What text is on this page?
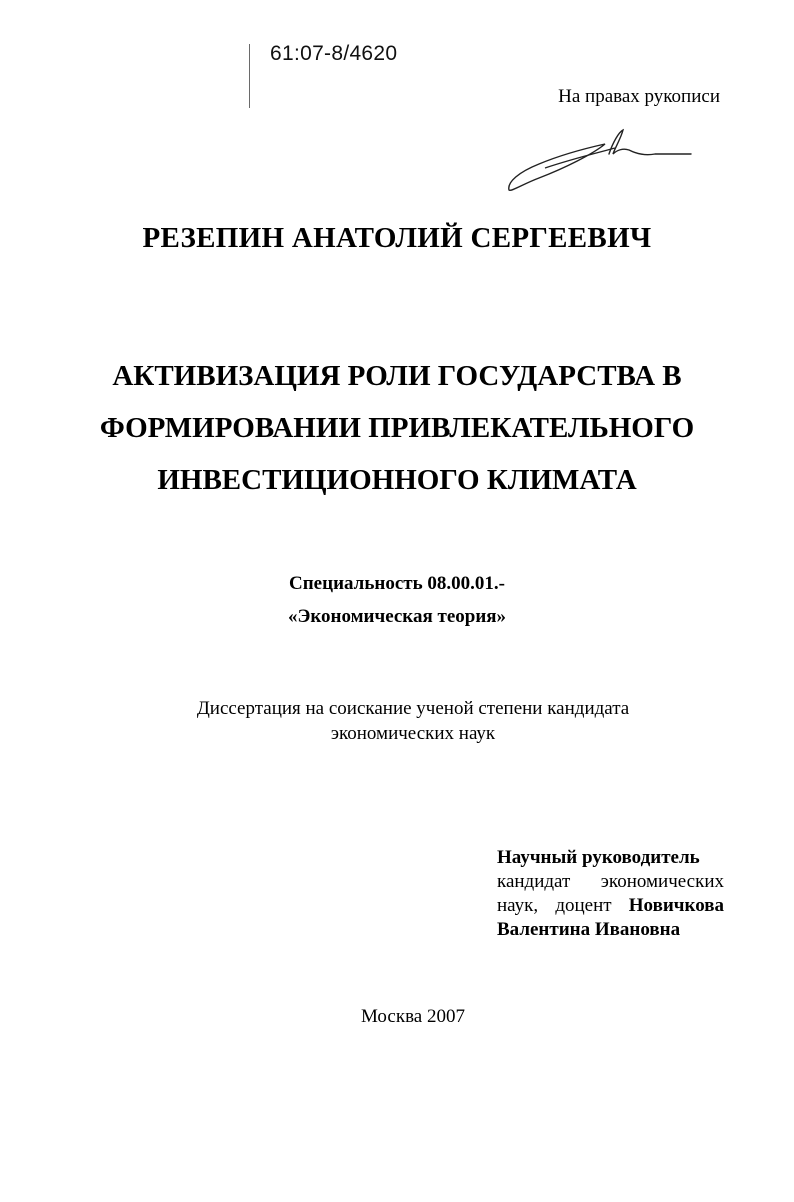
61:07-8/4620
На правах рукописи
РЕЗЕПИН АНАТОЛИЙ СЕРГЕЕВИЧ
АКТИВИЗАЦИЯ РОЛИ ГОСУДАРСТВА В
ФОРМИРОВАНИИ ПРИВЛЕКАТЕЛЬНОГО
ИНВЕСТИЦИОННОГО КЛИМАТА
Специальность 08.00.01.-
«Экономическая теория»
Диссертация на соискание ученой степени кандидата
экономических наук
Научный руководитель
кандидат экономических
наук, доцент Новичкова
Валентина Ивановна
Москва 2007
